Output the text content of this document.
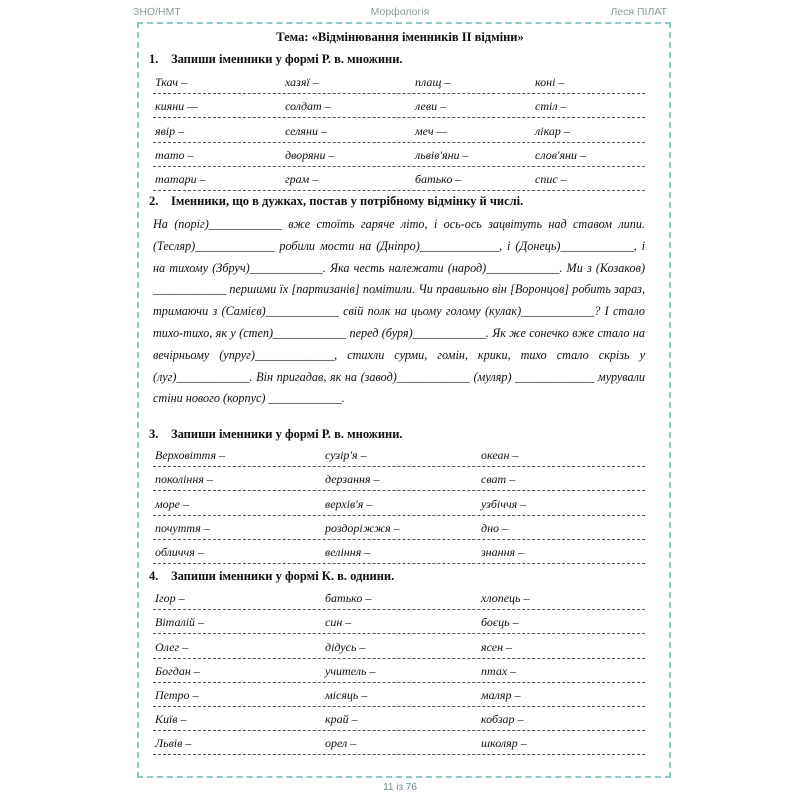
ЗНО/НМТ	Морфологія	Леся ПІЛАТ
Тема: «Відмінювання іменників ІІ відміни»
1. Запиши іменники у формі Р. в. множини.
Ткач –	хазяї –	плащ –	коні –
кияни —	солдат –	леви –	стіл –
явір –	селяни –	меч —	лікар –
тато –	дворяни –	львів'яни –	слов'яни –
татари –	грам –	батько –	спис –
2. Іменники, що в дужках, постав у потрібному відмінку й числі.
На (поріг)____________ вже стоїть гаряче літо, і ось-ось зацвітуть над ставом липи. (Тесляр)_____________ робили мости на (Дніпро)_____________, і (Донець)____________, і на тихому (Збруч)____________. Яка честь належати (народ)____________. Ми з (Козаков) ____________ першими їх [партизанів] помітили. Чи правильно він [Воронцов] робить зараз, тримаючи з (Самієв)____________ свій полк на цьому голому (кулак)____________? І стало тихо-тихо, як у (степ)____________ перед (буря)____________. Як же сонечко вже стало на вечірньому (упруг)_____________, стихли сурми, гомін, крики, тихо стало скрізь у (луг)____________. Він пригадав, як на (завод)____________ (муляр) _____________ мурували стіни нового (корпус) ____________.
3. Запиши іменники у формі Р. в. множини.
Верховіття –	сузір'я –	океан –
покоління –	дерзання –	сват –
море –	верхів'я –	узбіччя –
почуття –	роздоріжжя –	дно –
обличчя –	веління –	знання –
4. Запиши іменники у формі К. в. однини.
Ігор –	батько –	хлопець –
Віталій –	син –	боєць –
Олег –	дідусь –	ясен –
Богдан –	учитель –	птах –
Петро –	місяць –	маляр –
Київ –	край –	кобзар –
Львів –	орел –	школяр –
11 із 76
